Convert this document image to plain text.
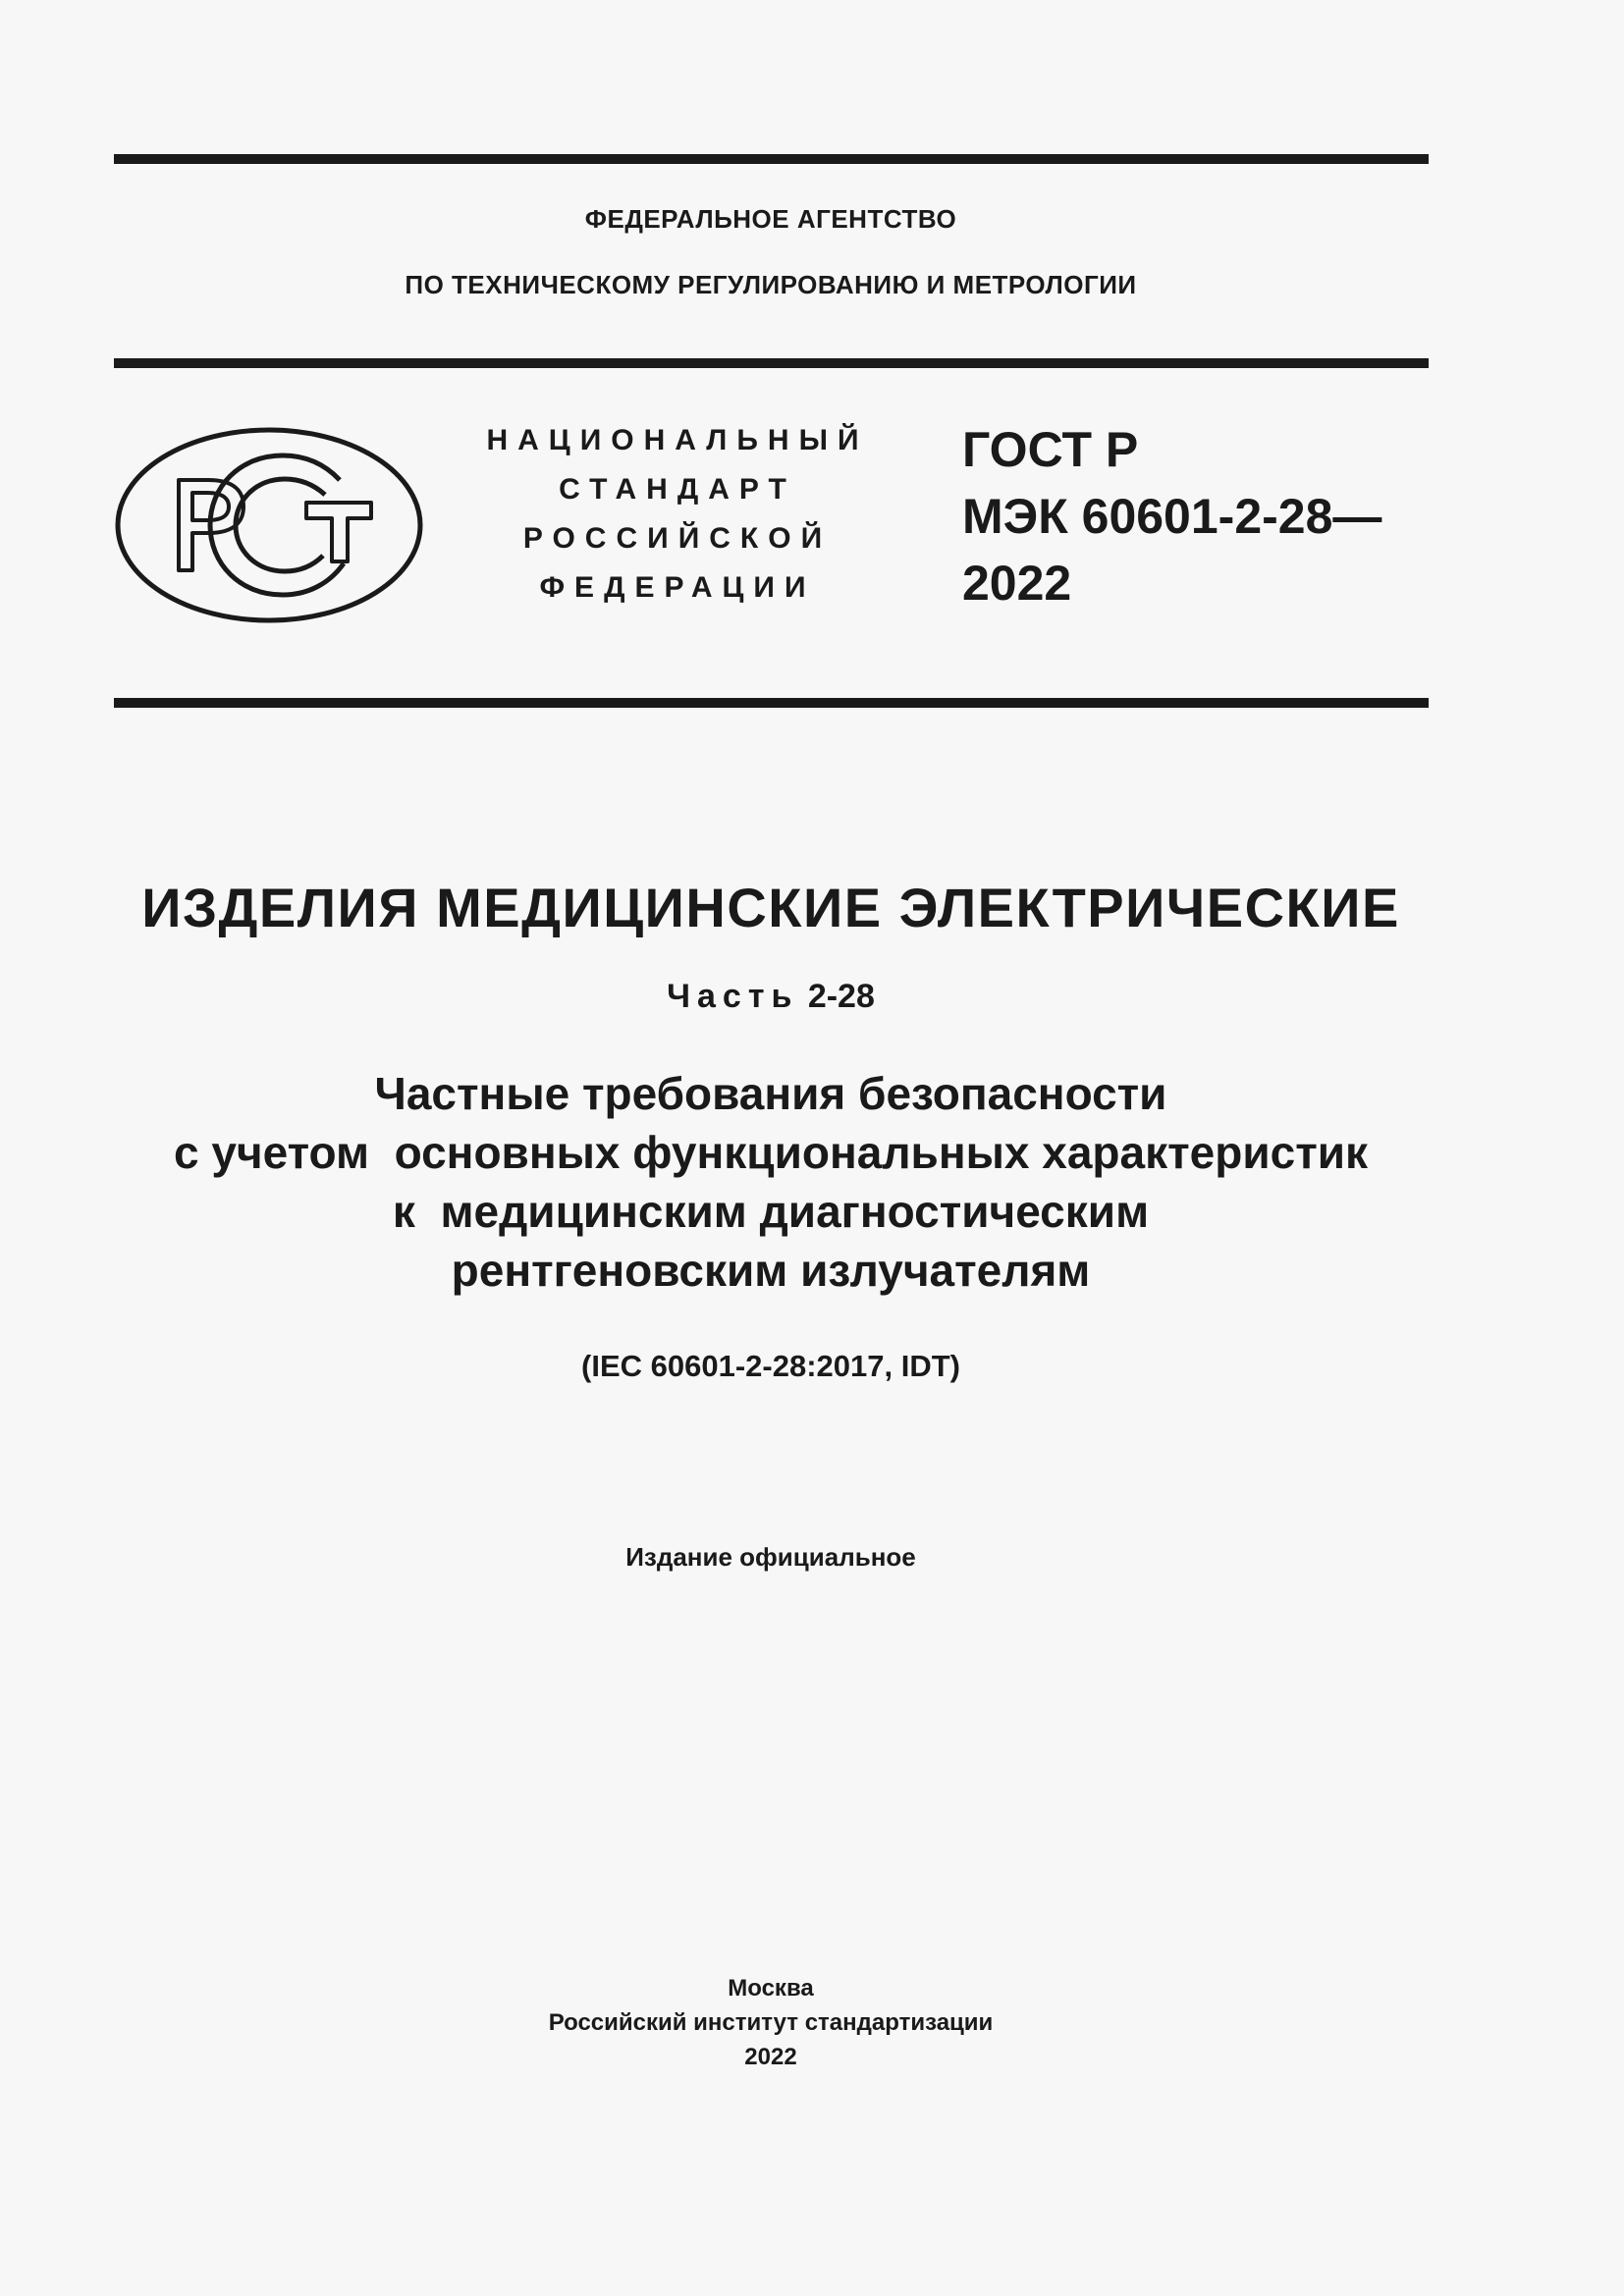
ФЕДЕРАЛЬНОЕ АГЕНТСТВО
ПО ТЕХНИЧЕСКОМУ РЕГУЛИРОВАНИЮ И МЕТРОЛОГИИ
НАЦИОНАЛЬНЫЙ
СТАНДАРТ
РОССИЙСКОЙ
ФЕДЕРАЦИИ
ГОСТ Р
МЭК 60601-2-28—
2022
ИЗДЕЛИЯ МЕДИЦИНСКИЕ ЭЛЕКТРИЧЕСКИЕ
Часть 2-28
Частные требования безопасности
с учетом  основных функциональных характеристик
к  медицинским диагностическим
рентгеновским излучателям
(IEC 60601-2-28:2017, IDT)
Издание официальное
Москва
Российский институт стандартизации
2022
